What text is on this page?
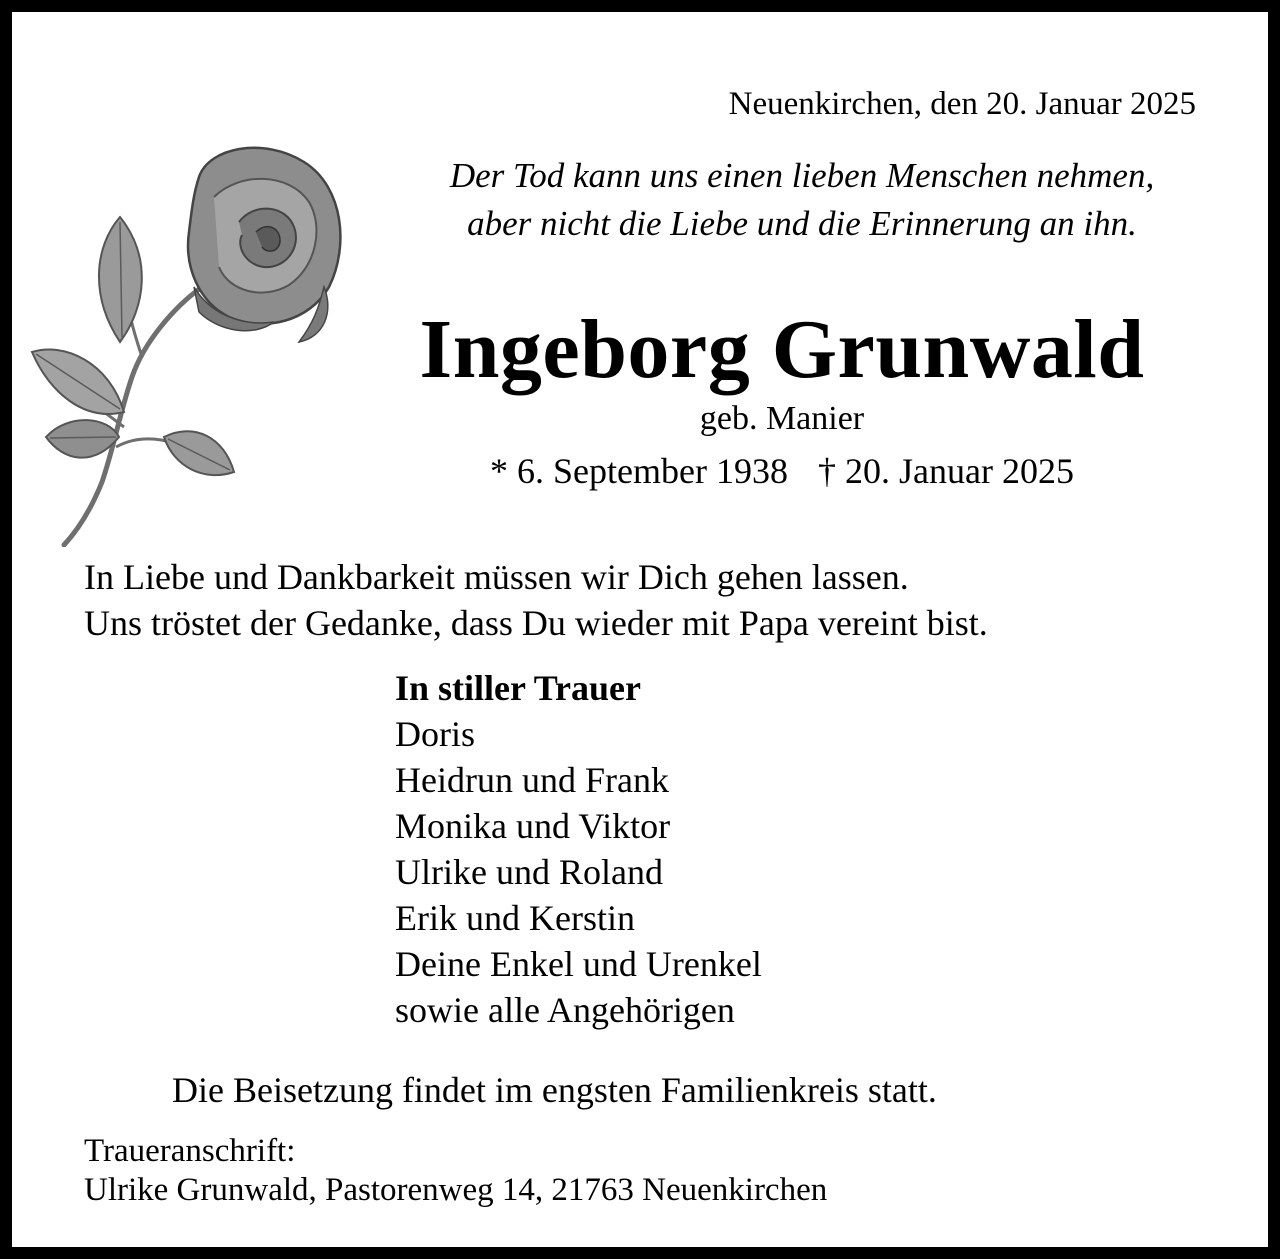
Neuenkirchen, den 20. Januar 2025

Der Tod kann uns einen lieben Menschen nehmen,

aber nicht die Liebe und die Erinnerung an ihn.

Ingeborg Grunwald

geb. Manier

* 6. September 1938 † 20. Januar 2025

In Liebe und Dankbarkeit müssen wir Dich gehen lassen.

Uns tröstet der Gedanke, dass Du wieder mit Papa vereint bist.

In stiller Trauer
Doris
Heidrun und Frank
Monika und Viktor
Ulrike und Roland
Erik und Kerstin
Deine Enkel und Urenkel
sowie alle Angehörigen

Die Beisetzung findet im engsten Familienkreis statt.

Traueranschrift:

Ulrike Grunwald, Pastorenweg 14, 21763 Neuenkirchen
